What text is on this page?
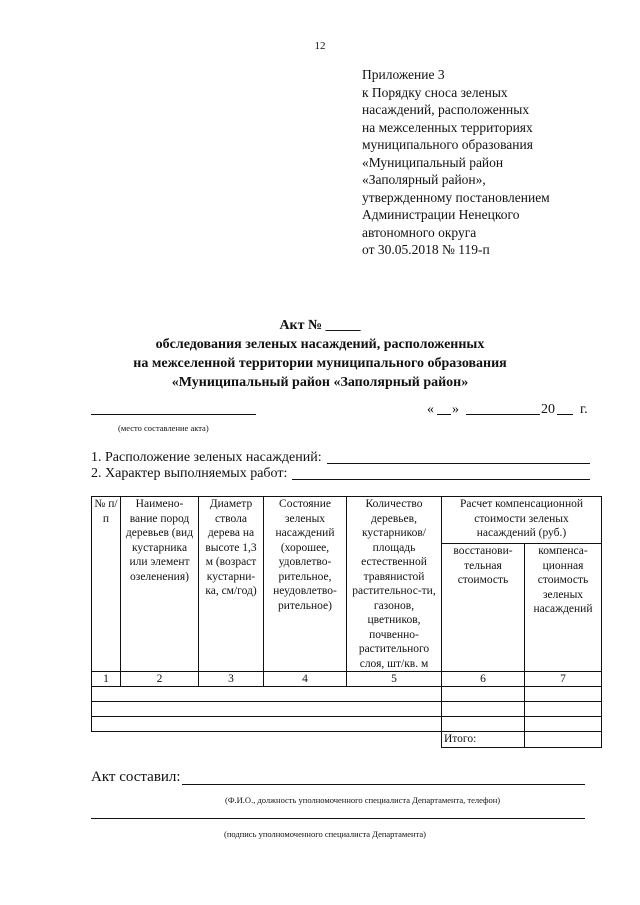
12
Приложение 3
к Порядку сноса зеленых
насаждений, расположенных
на межселенных территориях
муниципального образования
«Муниципальный район
«Заполярный район»,
утвержденному постановлением
Администрации Ненецкого
автономного округа
от 30.05.2018 № 119-п
Акт № _____
обследования зеленых насаждений, расположенных
на межселенной территории муниципального образования
«Муниципальный район «Заполярный район»
(место составление акта)
« »	20 г.
1. Расположение зеленых насаждений:
2. Характер выполняемых работ:
№ п/п	Наимено-вание пород деревьев (вид кустарника или элемент озеленения)	Диаметр ствола дерева на высоте 1,3 м (возраст кустарни-ка, см/год)	Состояние зеленых насаждений (хорошее, удовлетво-рительное, неудовлетво-рительное)	Количество деревьев, кустарников/ площадь естественной травянистой растительнос-ти, газонов, цветников, почвенно-растительного слоя, шт/кв. м	Расчет компенсационной стоимости зеленых насаждений (руб.)	
					восстанови-тельная стоимость	компенса-ционная стоимость зеленых насаждений
1	2	3	4	5	6	7

					Итого:	
Акт составил:
(Ф.И.О., должность уполномоченного специалиста Департамента, телефон)
(подпись уполномоченного специалиста Департамента)
